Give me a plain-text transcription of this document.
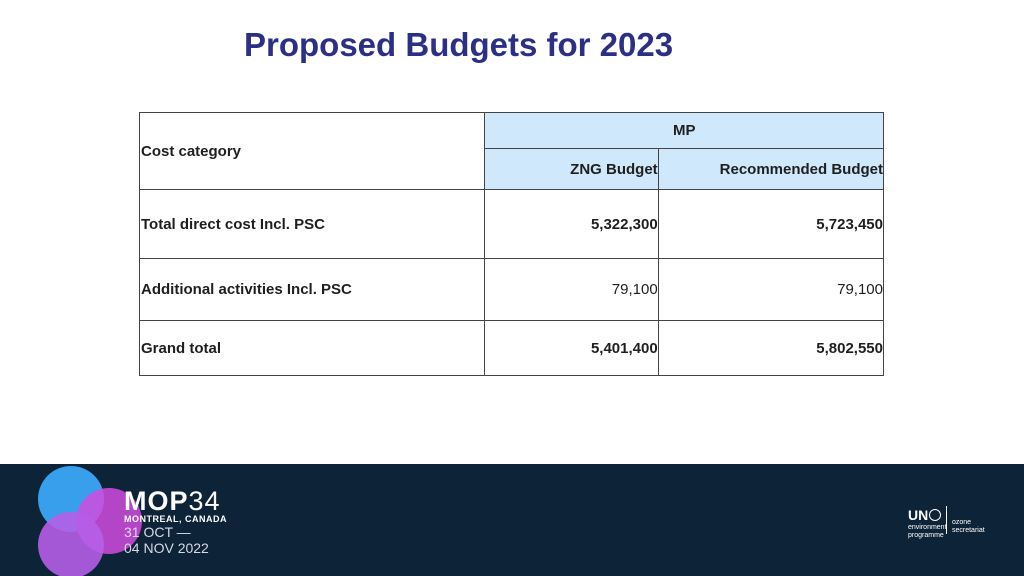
Proposed Budgets for 2023
Cost category	MP	
	ZNG Budget	Recommended Budget
Total direct cost Incl. PSC	5,322,300	5,723,450
Additional activities Incl. PSC	79,100	79,100
Grand total	5,401,400	5,802,550
MOP34
MONTREAL, CANADA
31 OCT —
04 NOV 2022
UN
environment
programme
ozone
secretariat
